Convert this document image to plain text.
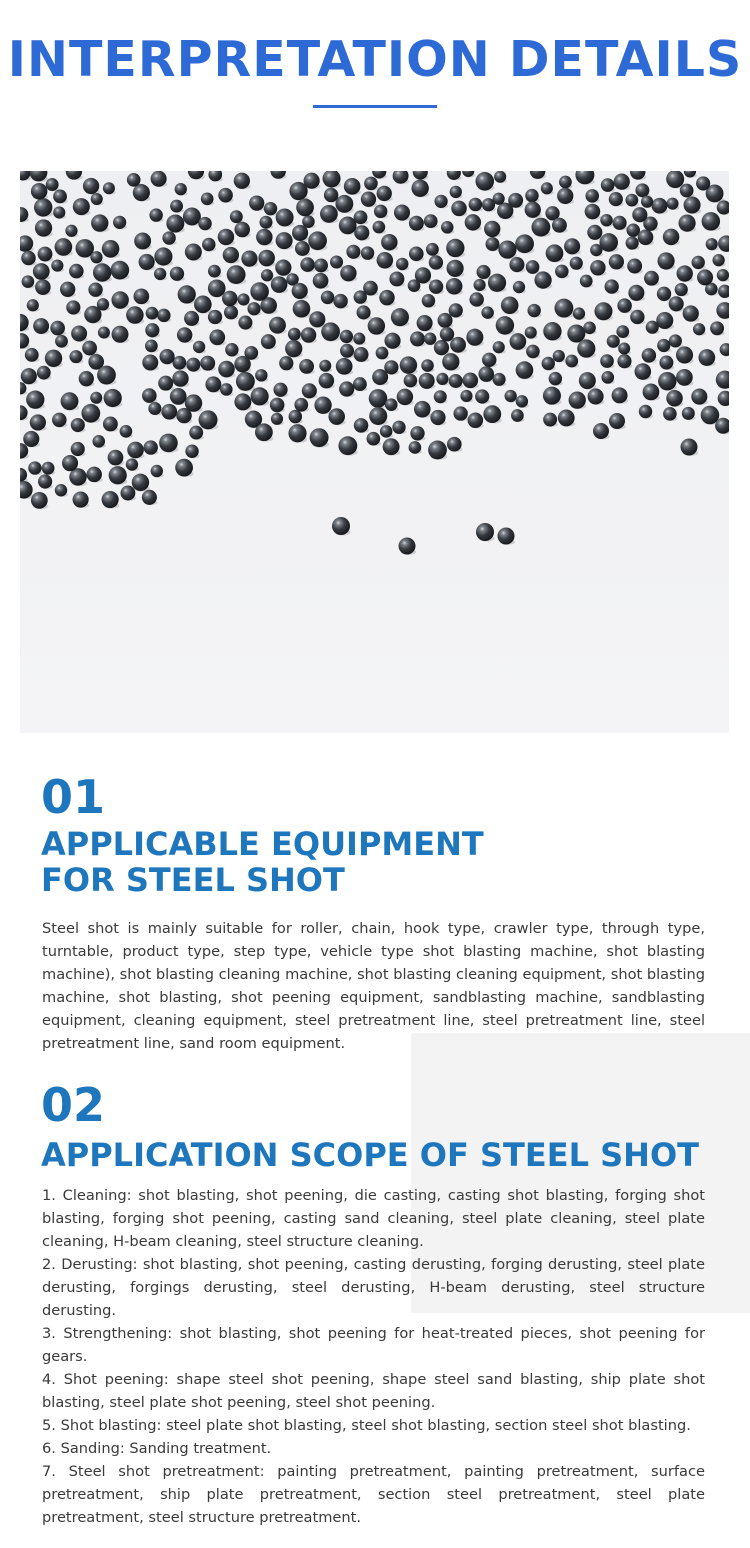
INTERPRETATION DETAILS
01
APPLICABLE EQUIPMENT
FOR STEEL SHOT

Steel shot is mainly suitable for roller, chain, hook type, crawler type, through type, turntable, product type, step type, vehicle type shot blasting machine, shot blasting machine), shot blasting cleaning machine, shot blasting cleaning equipment, shot blasting machine, shot blasting, shot peening equipment, sandblasting machine, sandblasting equipment, cleaning equipment, steel pretreatment line, steel pretreatment line, steel pretreatment line, sand room equipment.

02
APPLICATION SCOPE OF STEEL SHOT
1. Cleaning: shot blasting, shot peening, die casting, casting shot blasting, forging shot blasting, forging shot peening, casting sand cleaning, steel plate cleaning, steel plate cleaning, H-beam cleaning, steel structure cleaning.
2. Derusting: shot blasting, shot peening, casting derusting, forging derusting, steel plate derusting, forgings derusting, steel derusting, H-beam derusting, steel structure derusting.
3. Strengthening: shot blasting, shot peening for heat-treated pieces, shot peening for gears.
4. Shot peening: shape steel shot peening, shape steel sand blasting, ship plate shot blasting, steel plate shot peening, steel shot peening.
5. Shot blasting: steel plate shot blasting, steel shot blasting, section steel shot blasting.
6. Sanding: Sanding treatment.
7. Steel shot pretreatment: painting pretreatment, painting pretreatment, surface pretreatment, ship plate pretreatment, section steel pretreatment, steel plate pretreatment, steel structure pretreatment.
